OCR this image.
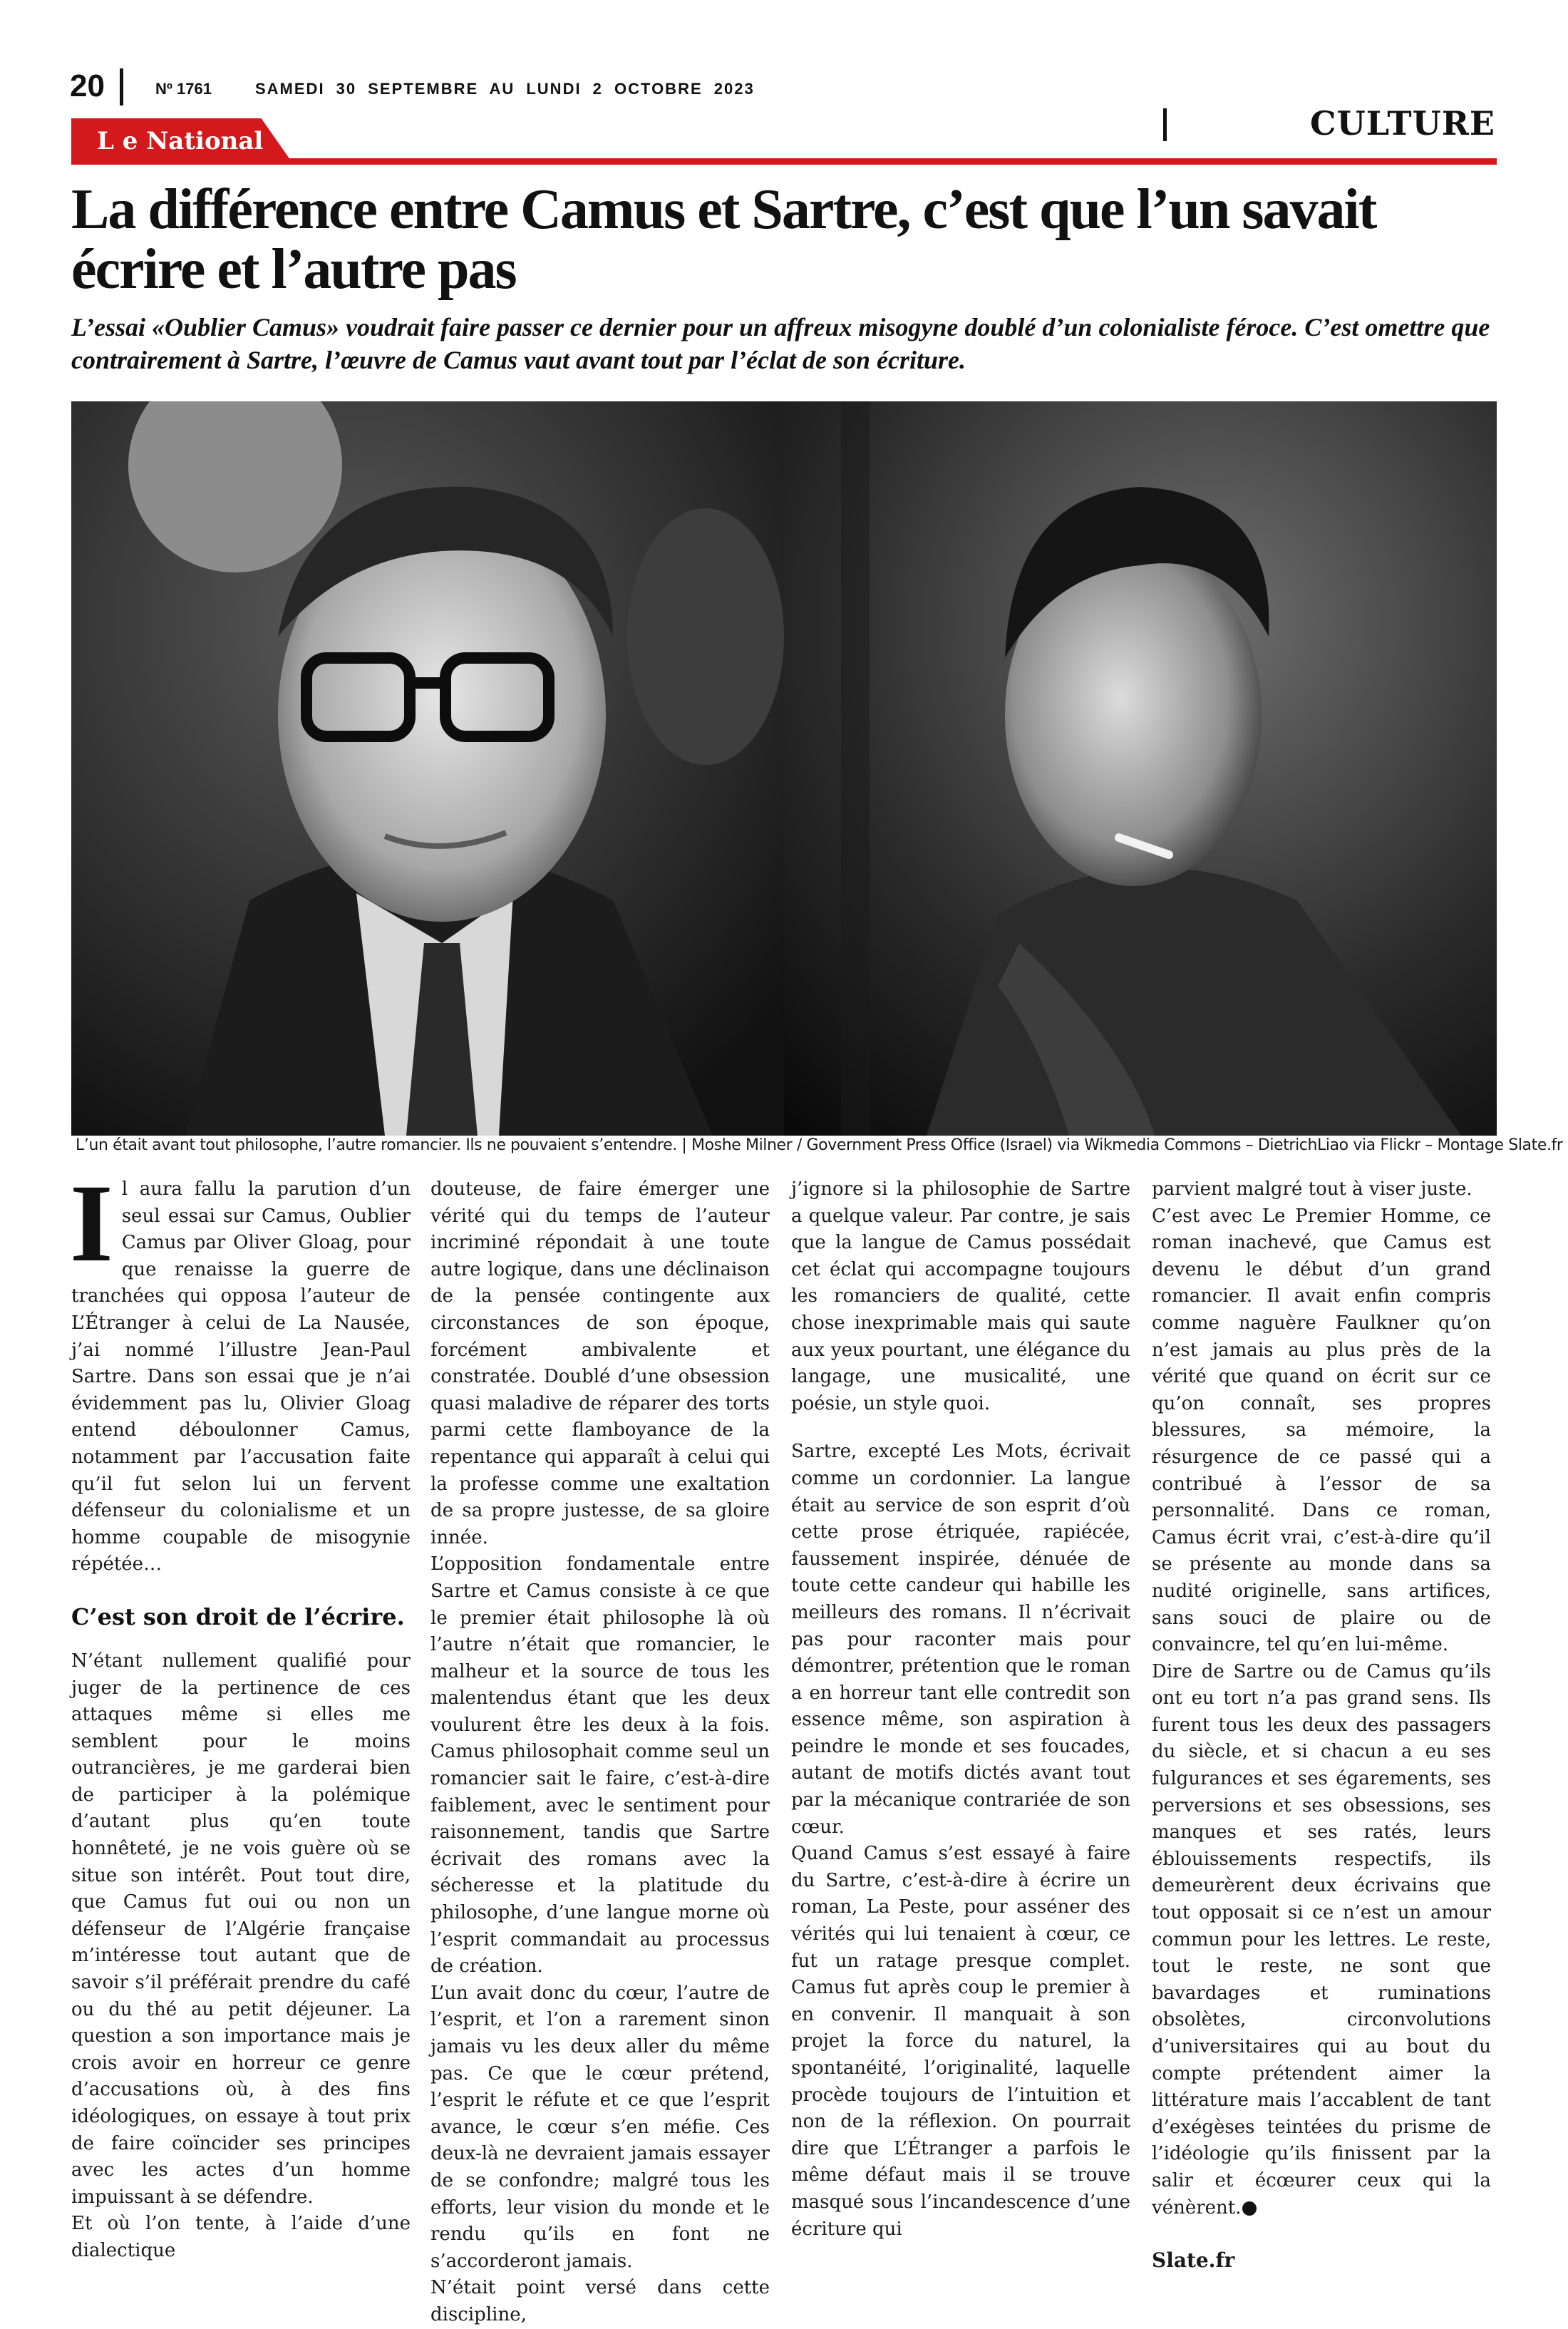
20	Nº 1761	SAMEDI 30 SEPTEMBRE AU LUNDI 2 OCTOBRE 2023
CULTURE
L e National
La différence entre Camus et Sartre, c’est que l’un savait écrire et l’autre pas
L’essai «Oublier Camus» voudrait faire passer ce dernier pour un affreux misogyne doublé d’un colonialiste féroce. C’est omettre que contrairement à Sartre, l’œuvre de Camus vaut avant tout par l’éclat de son écriture.
L’un était avant tout philosophe, l’autre romancier. Ils ne pouvaient s’entendre. | Moshe Milner / Government Press Office (Israel) via Wikmedia Commons – DietrichLiao via Flickr – Montage Slate.fr

Il aura fallu la parution d’un seul essai sur Camus, Oublier Camus par Oliver Gloag, pour que renaisse la guerre de tranchées qui opposa l’auteur de L’Étranger à celui de La Nausée, j’ai nommé l’illustre Jean-Paul Sartre. Dans son essai que je n’ai évidemment pas lu, Olivier Gloag entend déboulonner Camus, notamment par l’accusation faite qu’il fut selon lui un fervent défenseur du colonialisme et un homme coupable de misogynie répétée…

C’est son droit de l’écrire.

N’étant nullement qualifié pour juger de la pertinence de ces attaques même si elles me semblent pour le moins outrancières, je me garderai bien de participer à la polémique d’autant plus qu’en toute honnêteté, je ne vois guère où se situe son intérêt. Pout tout dire, que Camus fut oui ou non un défenseur de l’Algérie française m’intéresse tout autant que de savoir s’il préférait prendre du café ou du thé au petit déjeuner. La question a son importance mais je crois avoir en horreur ce genre d’accusations où, à des fins idéologiques, on essaye à tout prix de faire coïncider ses principes avec les actes d’un homme impuissant à se défendre.

Et où l’on tente, à l’aide d’une dialectique

douteuse, de faire émerger une vérité qui du temps de l’auteur incriminé répondait à une toute autre logique, dans une déclinaison de la pensée contingente aux circonstances de son époque, forcément ambivalente et constratée. Doublé d’une obsession quasi maladive de réparer des torts parmi cette flamboyance de la repentance qui apparaît à celui qui la professe comme une exaltation de sa propre justesse, de sa gloire innée.

L’opposition fondamentale entre Sartre et Camus consiste à ce que le premier était philosophe là où l’autre n’était que romancier, le malheur et la source de tous les malentendus étant que les deux voulurent être les deux à la fois. Camus philosophait comme seul un romancier sait le faire, c’est-à-dire faiblement, avec le sentiment pour raisonnement, tandis que Sartre écrivait des romans avec la sécheresse et la platitude du philosophe, d’une langue morne où l’esprit commandait au processus de création.

L’un avait donc du cœur, l’autre de l’esprit, et l’on a rarement sinon jamais vu les deux aller du même pas. Ce que le cœur prétend, l’esprit le réfute et ce que l’esprit avance, le cœur s’en méfie. Ces deux-là ne devraient jamais essayer de se confondre; malgré tous les efforts, leur vision du monde et le rendu qu’ils en font ne s’accorderont jamais.

N’était point versé dans cette discipline,

j’ignore si la philosophie de Sartre a quelque valeur. Par contre, je sais que la langue de Camus possédait cet éclat qui accompagne toujours les romanciers de qualité, cette chose inexprimable mais qui saute aux yeux pourtant, une élégance du langage, une musicalité, une poésie, un style quoi.

Sartre, excepté Les Mots, écrivait comme un cordonnier. La langue était au service de son esprit d’où cette prose étriquée, rapiécée, faussement inspirée, dénuée de toute cette candeur qui habille les meilleurs des romans. Il n’écrivait pas pour raconter mais pour démontrer, prétention que le roman a en horreur tant elle contredit son essence même, son aspiration à peindre le monde et ses foucades, autant de motifs dictés avant tout par la mécanique contrariée de son cœur.

Quand Camus s’est essayé à faire du Sartre, c’est-à-dire à écrire un roman, La Peste, pour asséner des vérités qui lui tenaient à cœur, ce fut un ratage presque complet. Camus fut après coup le premier à en convenir. Il manquait à son projet la force du naturel, la spontanéité, l’originalité, laquelle procède toujours de l’intuition et non de la réflexion. On pourrait dire que L’Étranger a parfois le même défaut mais il se trouve masqué sous l’incandescence d’une écriture qui

parvient malgré tout à viser juste.

C’est avec Le Premier Homme, ce roman inachevé, que Camus est devenu le début d’un grand romancier. Il avait enfin compris comme naguère Faulkner qu’on n’est jamais au plus près de la vérité que quand on écrit sur ce qu’on connaît, ses propres blessures, sa mémoire, la résurgence de ce passé qui a contribué à l’essor de sa personnalité. Dans ce roman, Camus écrit vrai, c’est-à-dire qu’il se présente au monde dans sa nudité originelle, sans artifices, sans souci de plaire ou de convaincre, tel qu’en lui-même.

Dire de Sartre ou de Camus qu’ils ont eu tort n’a pas grand sens. Ils furent tous les deux des passagers du siècle, et si chacun a eu ses fulgurances et ses égarements, ses perversions et ses obsessions, ses manques et ses ratés, leurs éblouissements respectifs, ils demeurèrent deux écrivains que tout opposait si ce n’est un amour commun pour les lettres. Le reste, tout le reste, ne sont que bavardages et ruminations obsolètes, circonvolutions d’universitaires qui au bout du compte prétendent aimer la littérature mais l’accablent de tant d’exégèses teintées du prisme de l’idéologie qu’ils finissent par la salir et écœurer ceux qui la vénèrent.

Slate.fr
